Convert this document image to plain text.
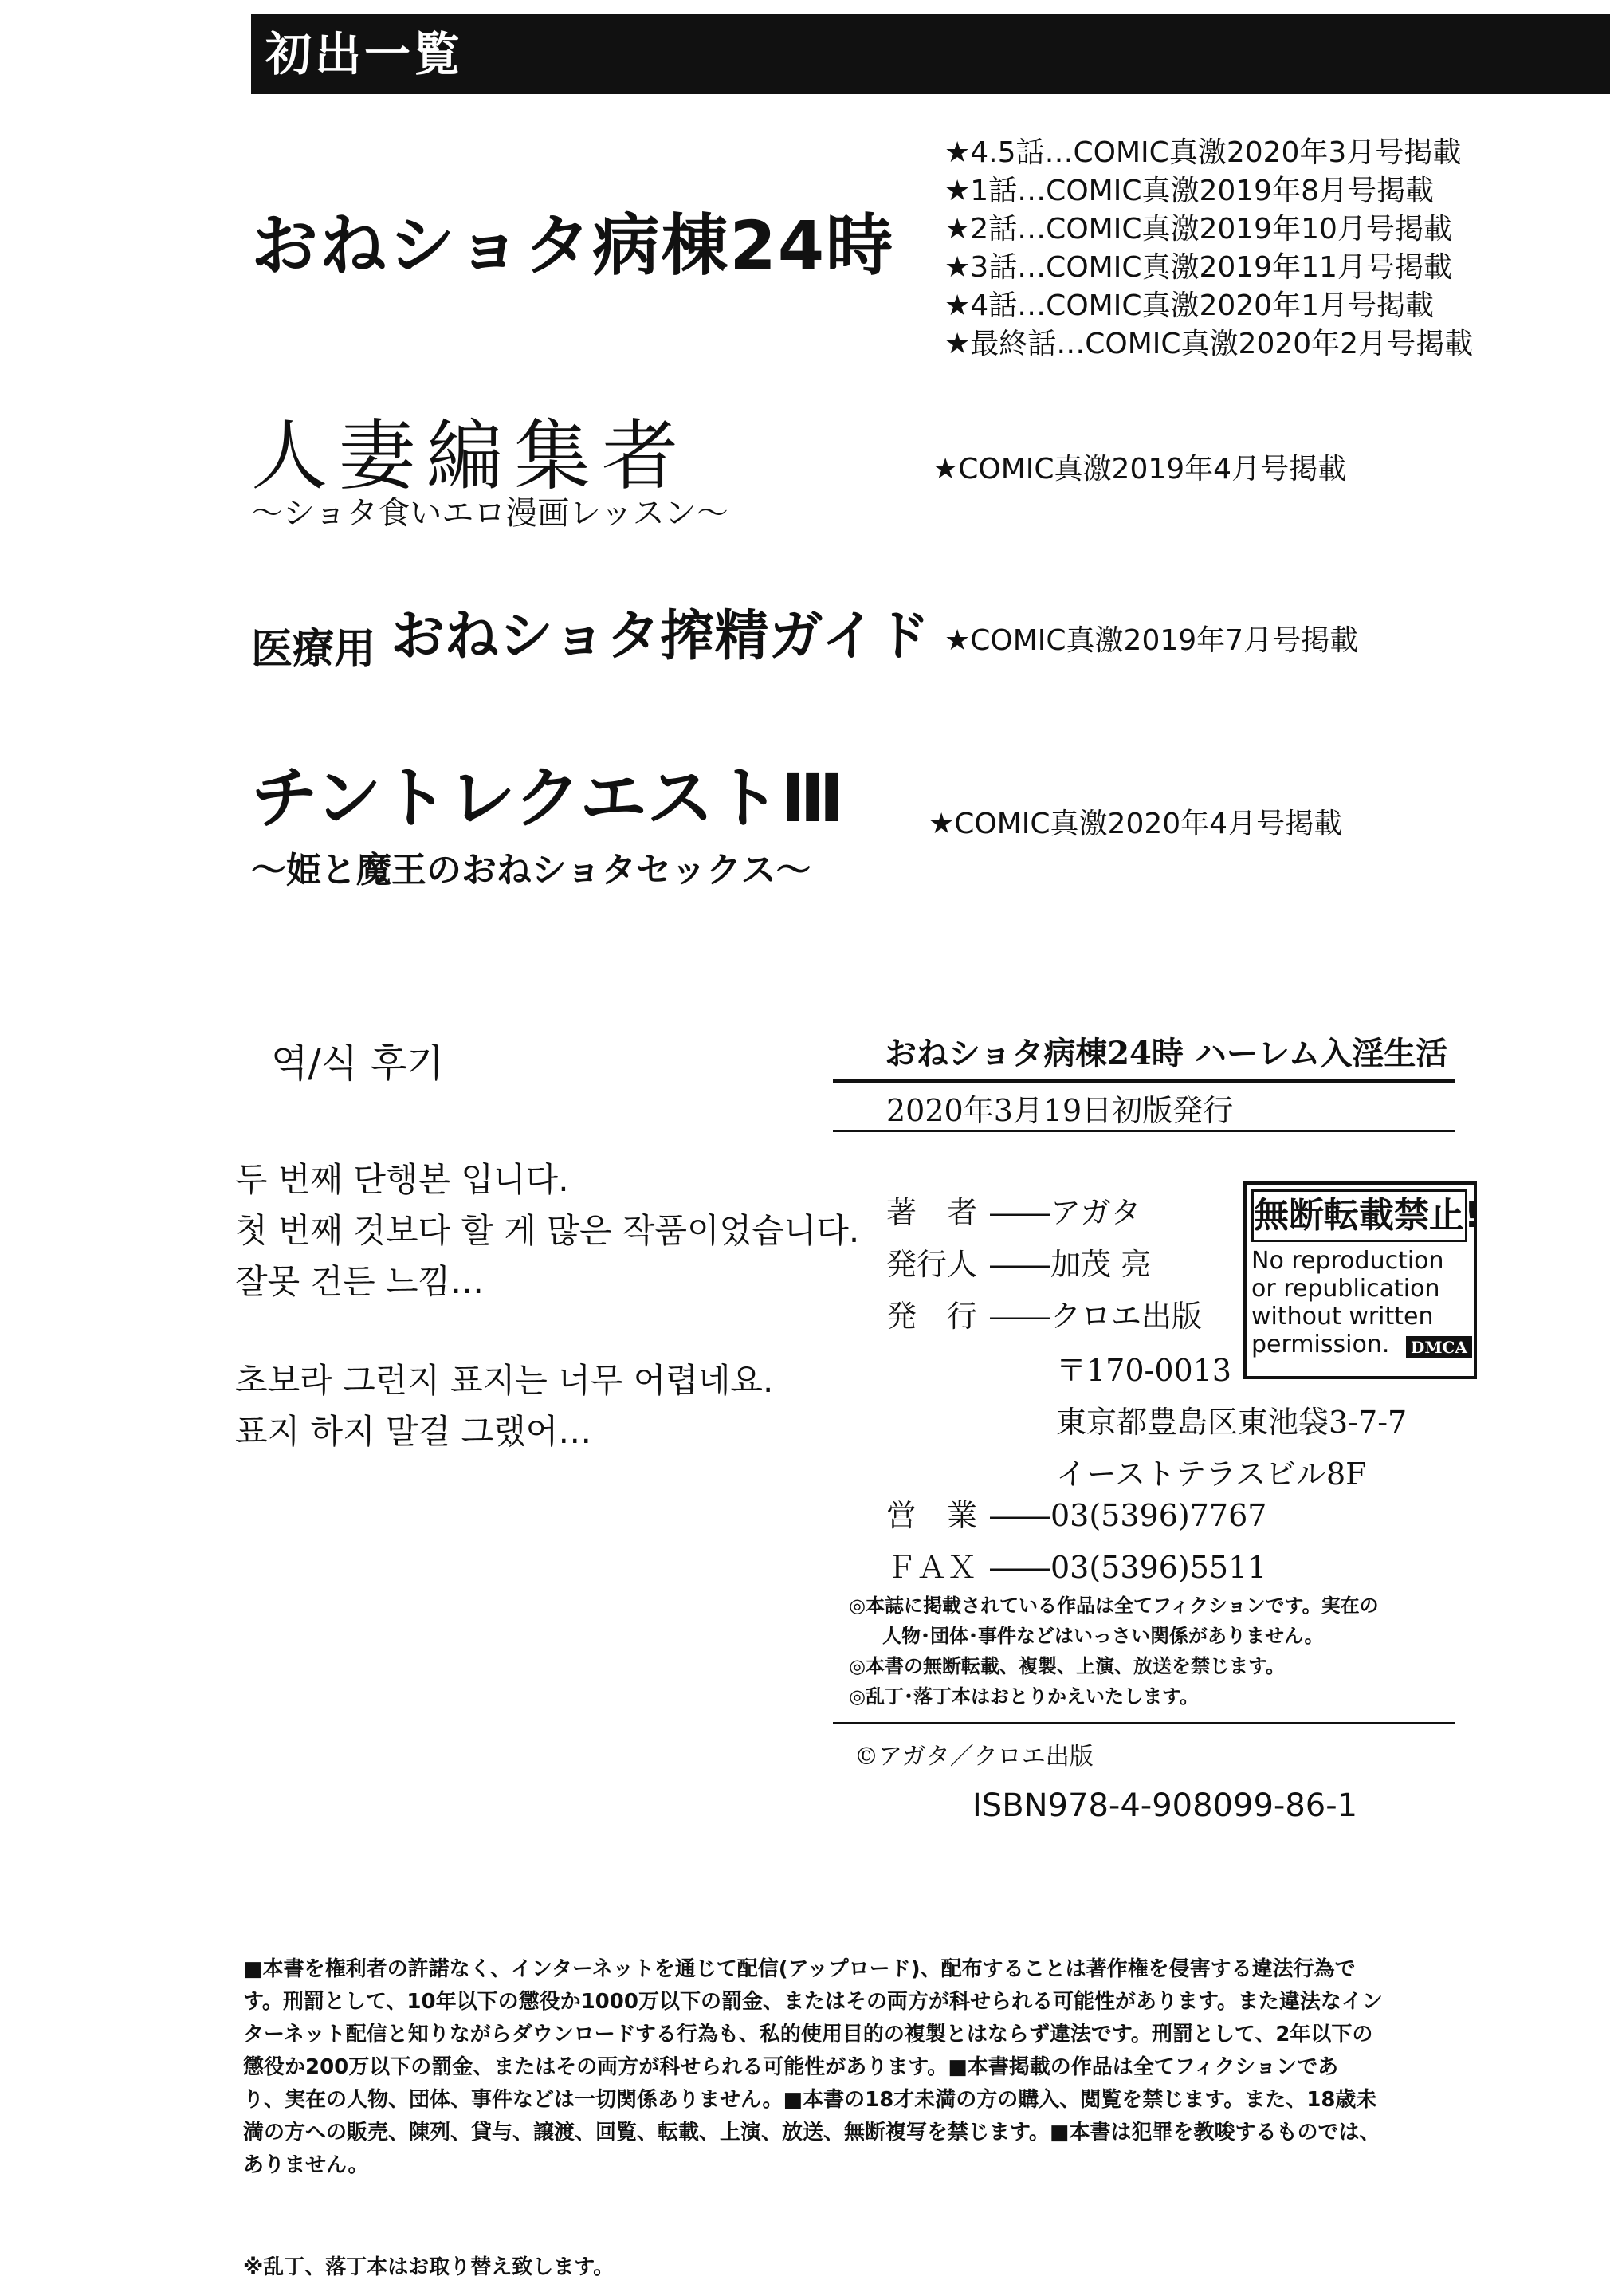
初出一覧
おねショタ病棟24時
★4.5話…COMIC真激2020年3月号掲載
★1話…COMIC真激2019年8月号掲載
★2話…COMIC真激2019年10月号掲載
★3話…COMIC真激2019年11月号掲載
★4話…COMIC真激2020年1月号掲載
★最終話…COMIC真激2020年2月号掲載
人妻編集者
〜ショタ食いエロ漫画レッスン〜
★COMIC真激2019年4月号掲載
医療用 おねショタ搾精ガイド ★COMIC真激2019年7月号掲載
チントレクエストⅢ
〜姫と魔王のおねショタセックス〜
★COMIC真激2020年4月号掲載
역/식 후기
두 번째 단행본 입니다.
첫 번째 것보다 할 게 많은 작품이었습니다.
잘못 건든 느낌…
초보라 그런지 표지는 너무 어렵네요.
표지 하지 말걸 그랬어…
おねショタ病棟24時 ハーレム入淫生活
2020年3月19日初版発行
著　者 ――アガタ
発行人 ――加茂 亮
発　行 ――クロエ出版
〒170-0013
東京都豊島区東池袋3-7-7
イーストテラスビル8F
営　業 ――03(5396)7767
ＦＡＸ ――03(5396)5511
◎本誌に掲載されている作品は全てフィクションです。実在の
人物･団体･事件などはいっさい関係がありません。
◎本書の無断転載、複製、上演、放送を禁じます。
◎乱丁･落丁本はおとりかえいたします。
©アガタ／クロエ出版
ISBN978-4-908099-86-1
無断転載禁止!
No reproduction
or republication
without written
permission.	DMCA
■本書を権利者の許諾なく、インターネットを通じて配信(アップロード)、配布することは著作権を侵害する違法行為で
す。刑罰として、10年以下の懲役か1000万以下の罰金、またはその両方が科せられる可能性があります。また違法なイン
ターネット配信と知りながらダウンロードする行為も、私的使用目的の複製とはならず違法です。刑罰として、2年以下の
懲役か200万以下の罰金、またはその両方が科せられる可能性があります。■本書掲載の作品は全てフィクションであ
り、実在の人物、団体、事件などは一切関係ありません。■本書の18才未満の方の購入、閲覧を禁じます。また、18歳未
満の方への販売、陳列、貸与、譲渡、回覧、転載、上演、放送、無断複写を禁じます。■本書は犯罪を教唆するものでは、
ありません。
※乱丁、落丁本はお取り替え致します。
